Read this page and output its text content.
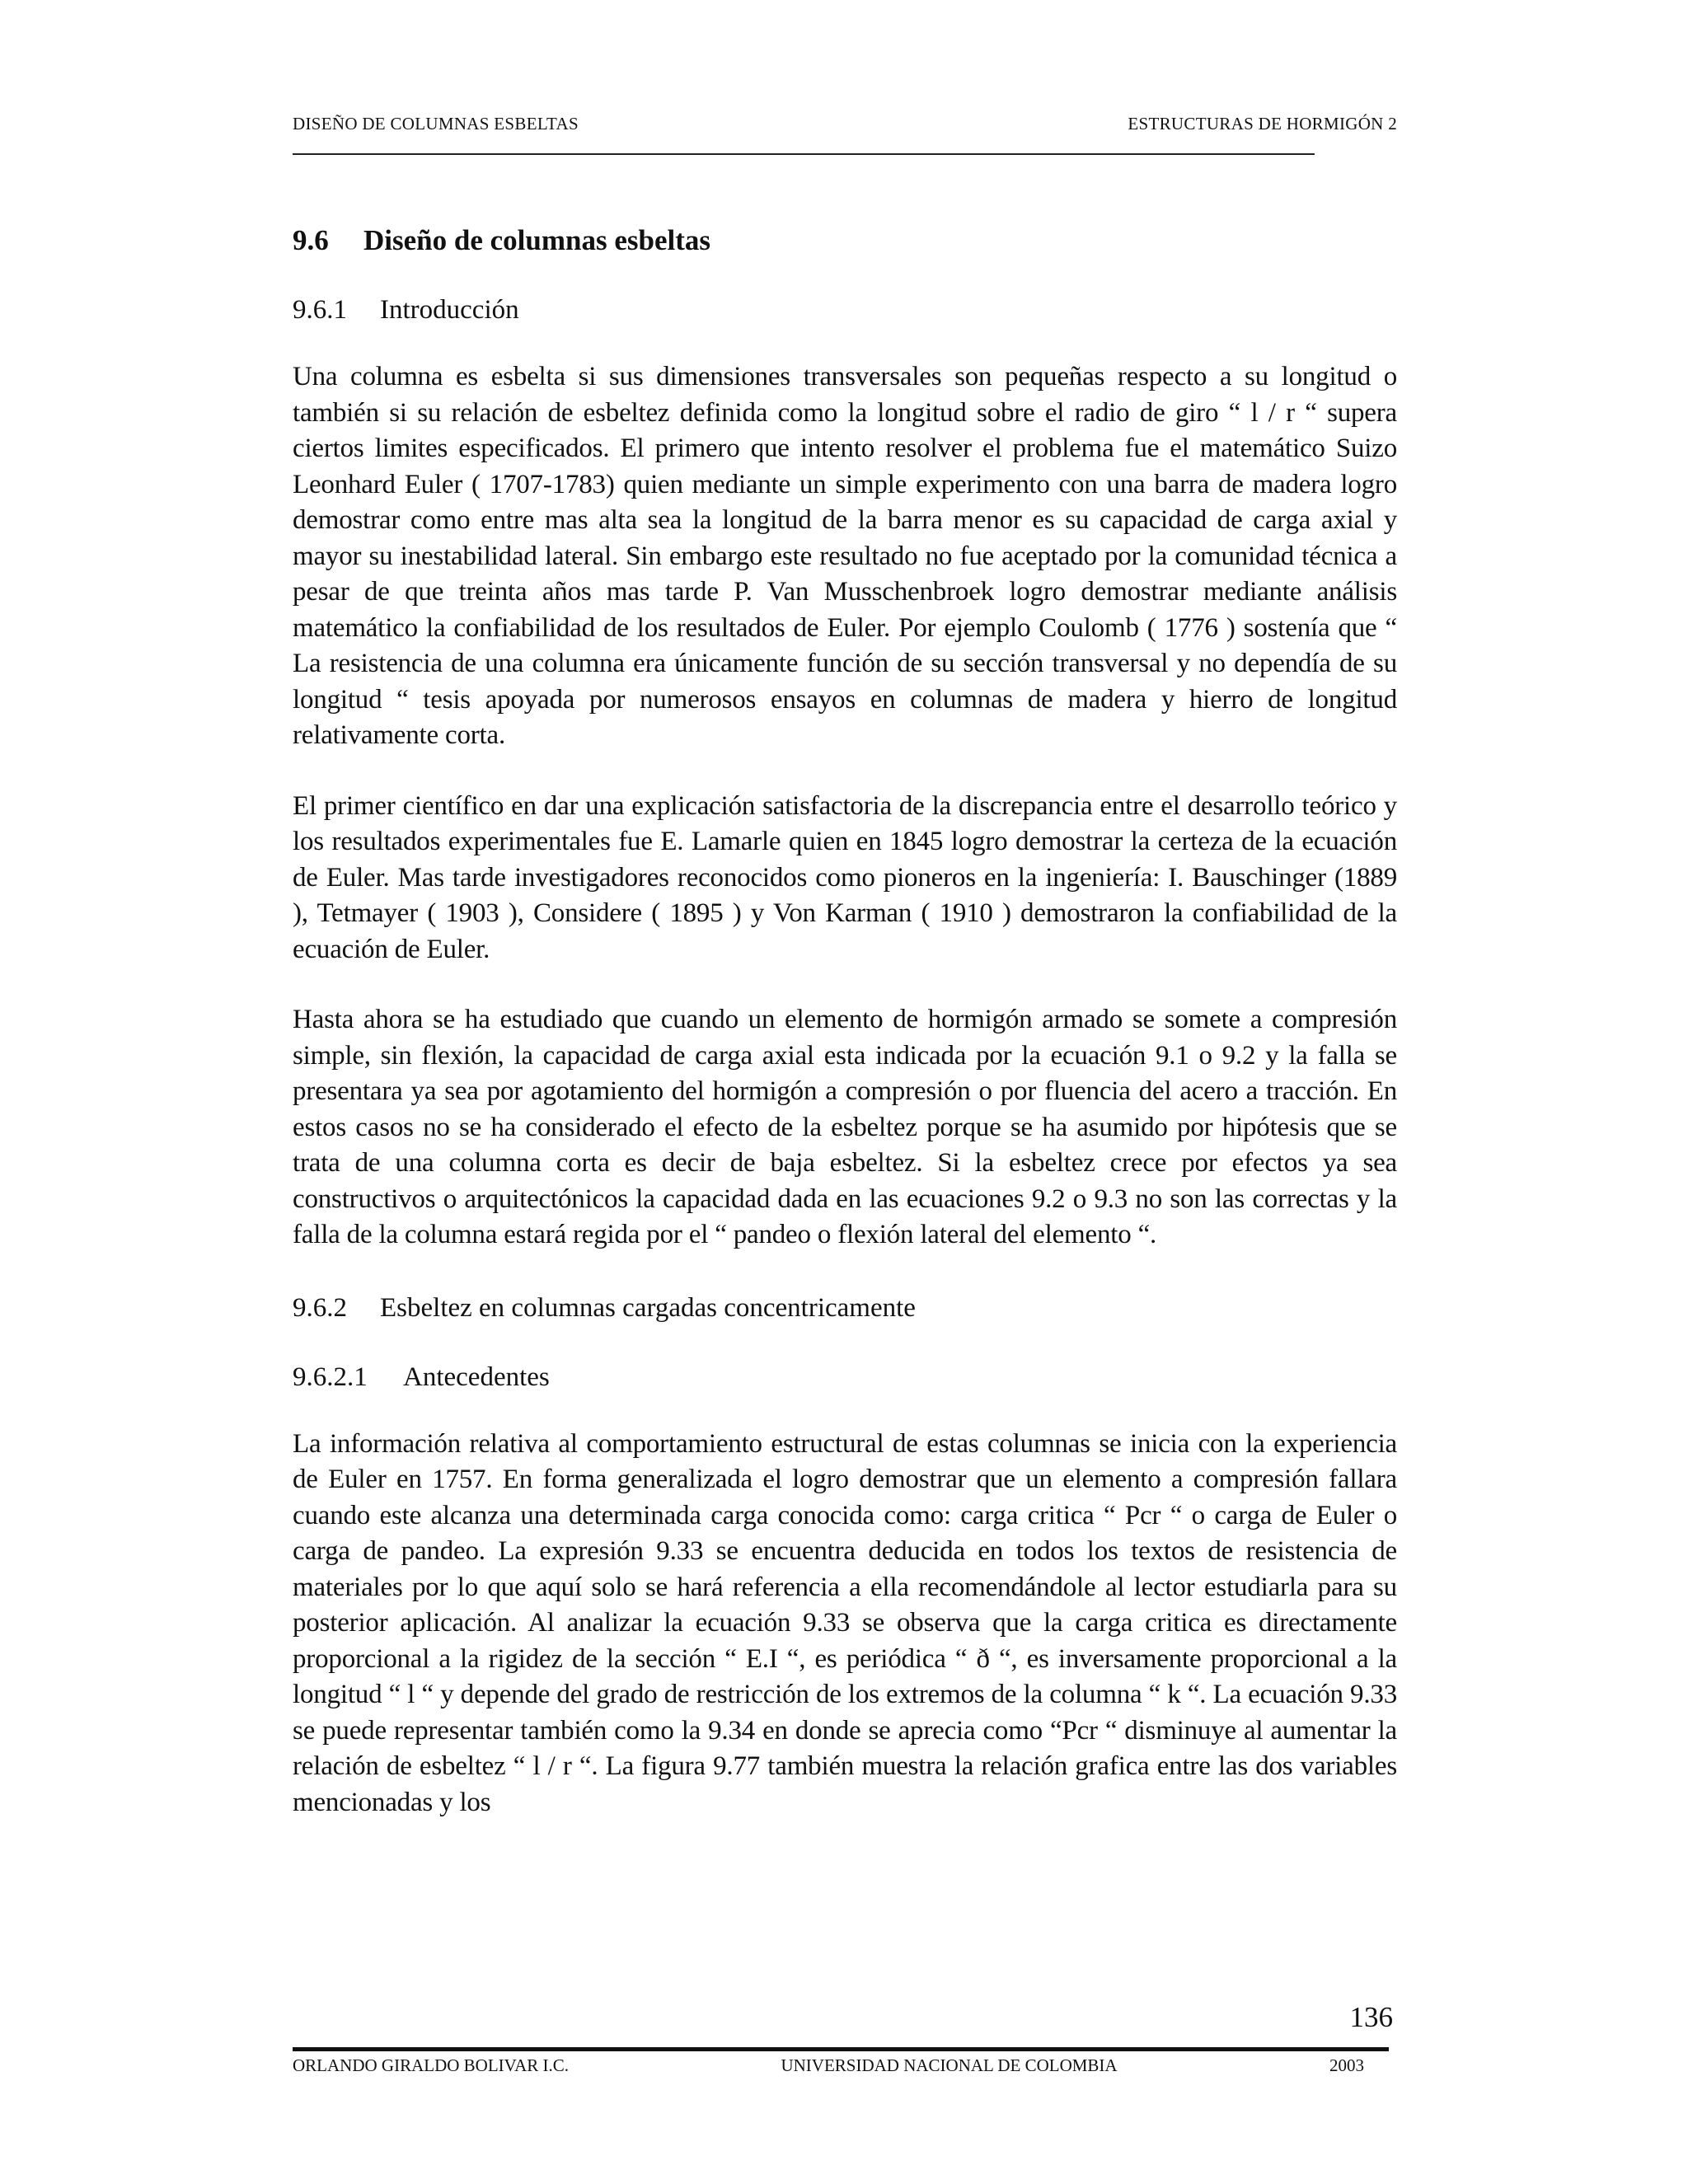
DISEÑO DE COLUMNAS ESBELTAS	ESTRUCTURAS DE HORMIGÓN 2
9.6 Diseño de columnas esbeltas
9.6.1 Introducción

Una columna es esbelta si sus dimensiones transversales son pequeñas respecto a su longitud o también si su relación de esbeltez definida como la longitud sobre el radio de giro “ l / r “ supera ciertos limites especificados. El primero que intento resolver el problema fue el matemático Suizo Leonhard Euler ( 1707-1783) quien mediante un simple experimento con una barra de madera logro demostrar como entre mas alta sea la longitud de la barra menor es su capacidad de carga axial y mayor su inestabilidad lateral. Sin embargo este resultado no fue aceptado por la comunidad técnica a pesar de que treinta años mas tarde P. Van Musschenbroek logro demostrar mediante análisis matemático la confiabilidad de los resultados de Euler. Por ejemplo Coulomb ( 1776 ) sostenía que “ La resistencia de una columna era únicamente función de su sección transversal y no dependía de su longitud “ tesis apoyada por numerosos ensayos en columnas de madera y hierro de longitud relativamente corta.

El primer científico en dar una explicación satisfactoria de la discrepancia entre el desarrollo teórico y los resultados experimentales fue E. Lamarle quien en 1845 logro demostrar la certeza de la ecuación de Euler. Mas tarde investigadores reconocidos como pioneros en la ingeniería: I. Bauschinger (1889 ), Tetmayer ( 1903 ), Considere ( 1895 ) y Von Karman ( 1910 ) demostraron la confiabilidad de la ecuación de Euler.

Hasta ahora se ha estudiado que cuando un elemento de hormigón armado se somete a compresión simple, sin flexión, la capacidad de carga axial esta indicada por la ecuación 9.1 o 9.2 y la falla se presentara ya sea por agotamiento del hormigón a compresión o por fluencia del acero a tracción. En estos casos no se ha considerado el efecto de la esbeltez porque se ha asumido por hipótesis que se trata de una columna corta es decir de baja esbeltez. Si la esbeltez crece por efectos ya sea constructivos o arquitectónicos la capacidad dada en las ecuaciones 9.2 o 9.3 no son las correctas y la falla de la columna estará regida por el “ pandeo o flexión lateral del elemento “.

9.6.2 Esbeltez en columnas cargadas concentricamente
9.6.2.1 Antecedentes

La información relativa al comportamiento estructural de estas columnas se inicia con la experiencia de Euler en 1757. En forma generalizada el logro demostrar que un elemento a compresión fallara cuando este alcanza una determinada carga conocida como: carga critica “ Pcr “ o carga de Euler o carga de pandeo. La expresión 9.33 se encuentra deducida en todos los textos de resistencia de materiales por lo que aquí solo se hará referencia a ella recomendándole al lector estudiarla para su posterior aplicación. Al analizar la ecuación 9.33 se observa que la carga critica es directamente proporcional a la rigidez de la sección “ E.I “, es periódica “ ð “, es inversamente proporcional a la longitud “ l “ y depende del grado de restricción de los extremos de la columna “ k “. La ecuación 9.33 se puede representar también como la 9.34 en donde se aprecia como “Pcr “ disminuye al aumentar la relación de esbeltez “ l / r “. La figura 9.77 también muestra la relación grafica entre las dos variables mencionadas y los

136
ORLANDO GIRALDO BOLIVAR I.C.	UNIVERSIDAD NACIONAL DE COLOMBIA	2003
